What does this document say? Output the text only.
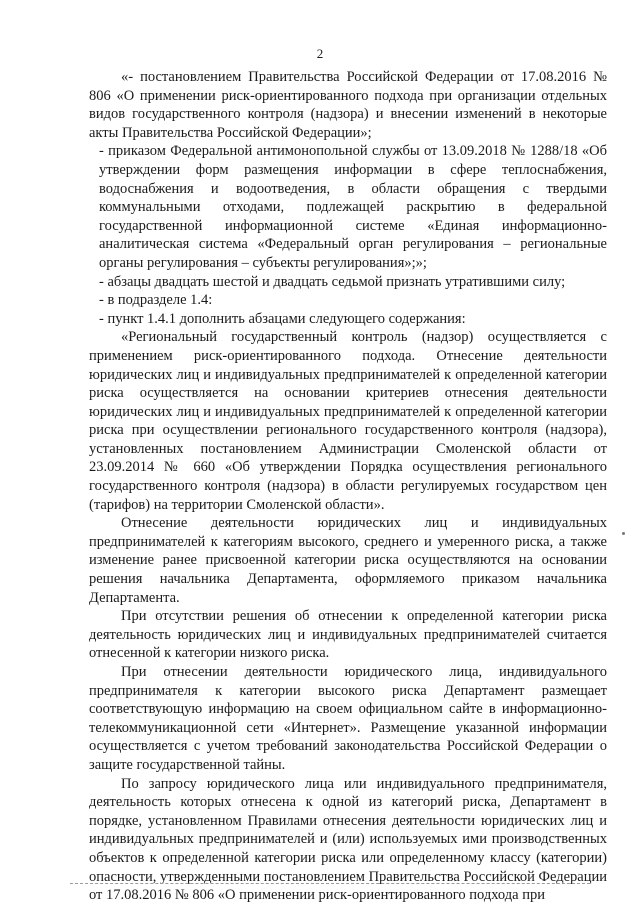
2

«- постановлением Правительства Российской Федерации от 17.08.2016 № 806 «О применении риск-ориентированного подхода при организации отдельных видов государственного контроля (надзора) и внесении изменений в некоторые акты Правительства Российской Федерации»;

- приказом Федеральной антимонопольной службы от 13.09.2018 № 1288/18 «Об утверждении форм размещения информации в сфере теплоснабжения, водоснабжения и водоотведения, в области обращения с твердыми коммунальными отходами, подлежащей раскрытию в федеральной государственной информационной системе «Единая информационно-аналитическая система «Федеральный орган регулирования – региональные органы регулирования – субъекты регулирования»;»;

- абзацы двадцать шестой и двадцать седьмой признать утратившими силу;

- в подразделе 1.4:

- пункт 1.4.1 дополнить абзацами следующего содержания:

«Региональный государственный контроль (надзор) осуществляется с применением риск-ориентированного подхода. Отнесение деятельности юридических лиц и индивидуальных предпринимателей к определенной категории риска осуществляется на основании критериев отнесения деятельности юридических лиц и индивидуальных предпринимателей к определенной категории риска при осуществлении регионального государственного контроля (надзора), установленных постановлением Администрации Смоленской области от 23.09.2014 № 660 «Об утверждении Порядка осуществления регионального государственного контроля (надзора) в области регулируемых государством цен (тарифов) на территории Смоленской области».

Отнесение деятельности юридических лиц и индивидуальных предпринимателей к категориям высокого, среднего и умеренного риска, а также изменение ранее присвоенной категории риска осуществляются на основании решения начальника Департамента, оформляемого приказом начальника Департамента.

При отсутствии решения об отнесении к определенной категории риска деятельность юридических лиц и индивидуальных предпринимателей считается отнесенной к категории низкого риска.

При отнесении деятельности юридического лица, индивидуального предпринимателя к категории высокого риска Департамент размещает соответствующую информацию на своем официальном сайте в информационно-телекоммуникационной сети «Интернет». Размещение указанной информации осуществляется с учетом требований законодательства Российской Федерации о защите государственной тайны.

По запросу юридического лица или индивидуального предпринимателя, деятельность которых отнесена к одной из категорий риска, Департамент в порядке, установленном Правилами отнесения деятельности юридических лиц и индивидуальных предпринимателей и (или) используемых ими производственных объектов к определенной категории риска или определенному классу (категории) опасности, утвержденными постановлением Правительства Российской Федерации от 17.08.2016 № 806 «О применении риск-ориентированного подхода при
